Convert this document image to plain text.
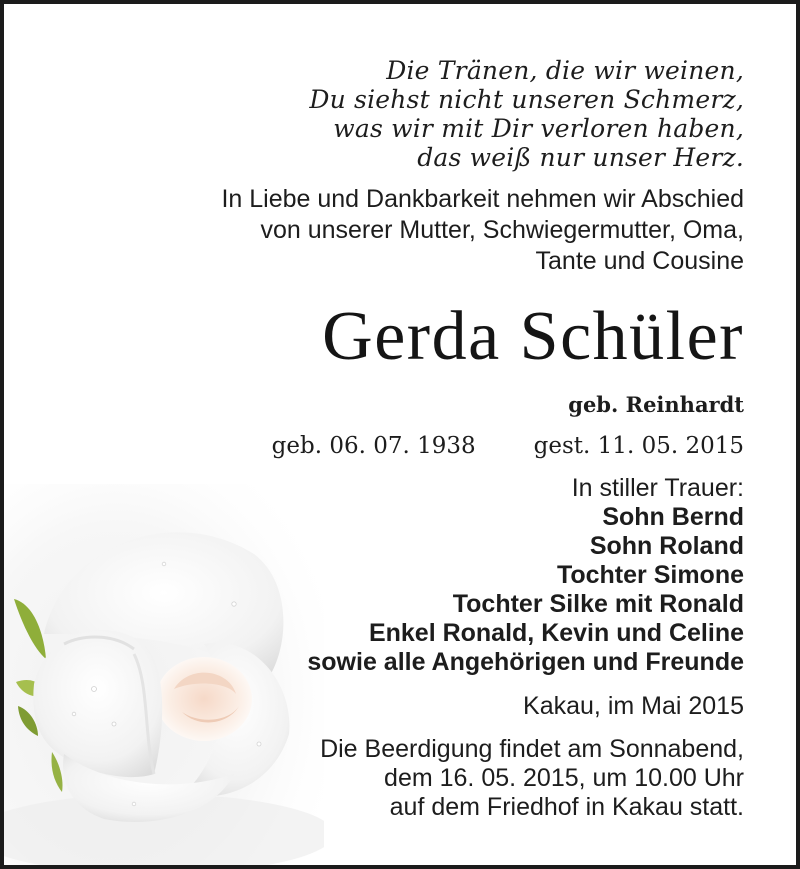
Die Tränen, die wir weinen,
Du siehst nicht unseren Schmerz,
was wir mit Dir verloren haben,
das weiß nur unser Herz.
In Liebe und Dankbarkeit nehmen wir Abschied
von unserer Mutter, Schwiegermutter, Oma,
Tante und Cousine
Gerda Schüler
geb. Reinhardt
geb. 06. 07. 1938	gest. 11. 05. 2015
In stiller Trauer:
Sohn Bernd
Sohn Roland
Tochter Simone
Tochter Silke mit Ronald
Enkel Ronald, Kevin und Celine
sowie alle Angehörigen und Freunde
Kakau, im Mai 2015
Die Beerdigung findet am Sonnabend,
dem 16. 05. 2015, um 10.00 Uhr
auf dem Friedhof in Kakau statt.
